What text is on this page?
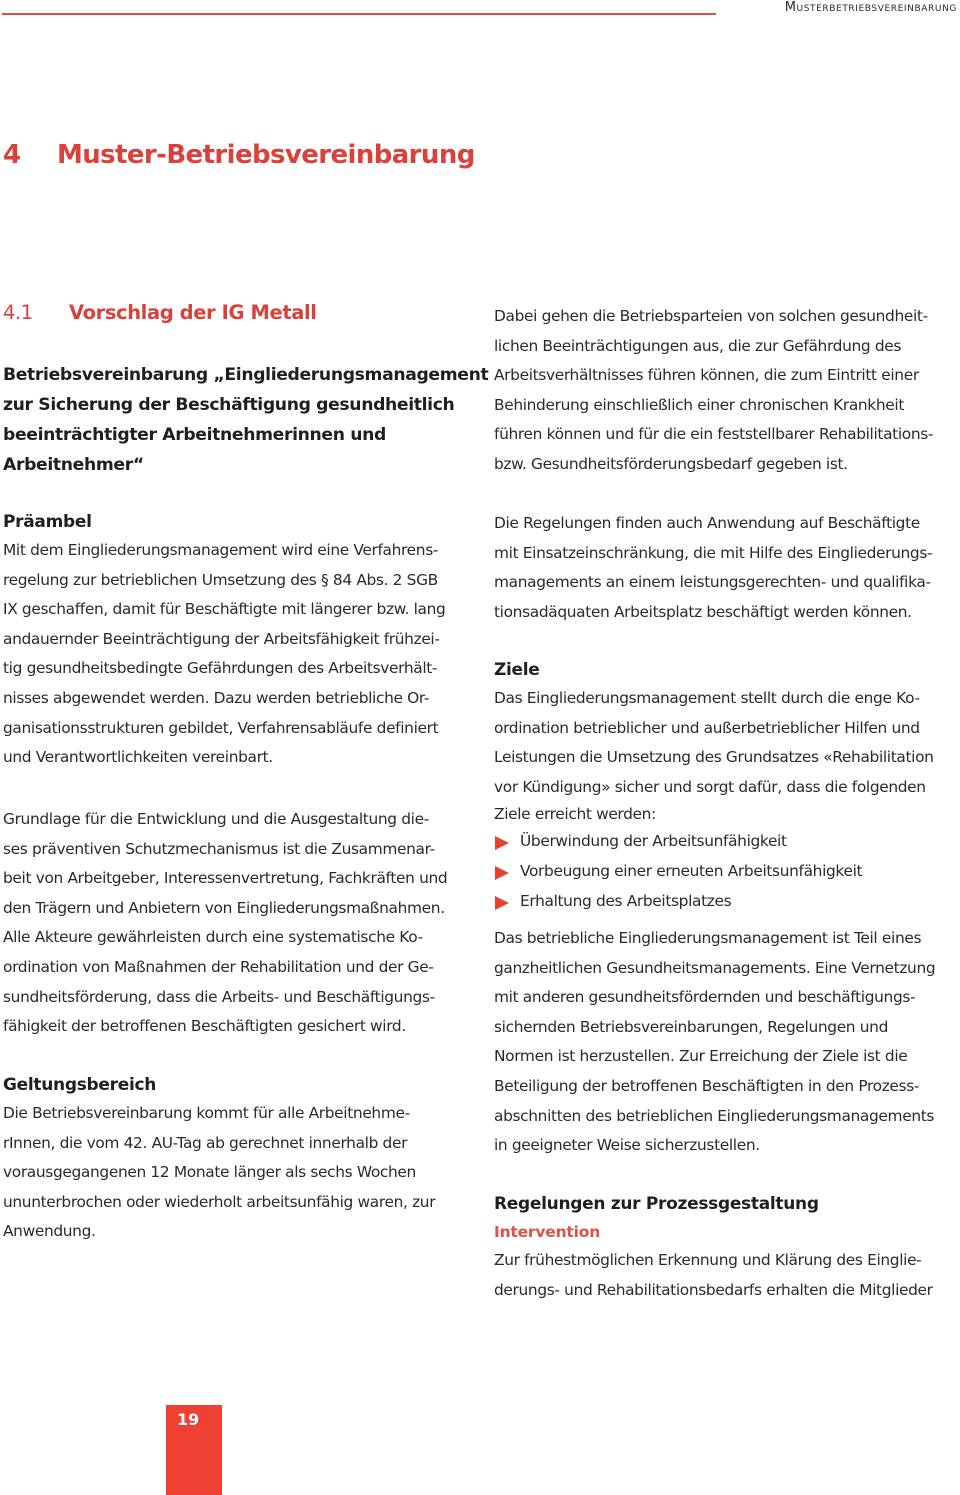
Musterbetriebsvereinbarung
4 Muster-Betriebsvereinbarung
4.1 Vorschlag der IG Metall
Betriebsvereinbarung „Eingliederungsmanagement
zur Sicherung der Beschäftigung gesundheitlich
beeinträchtigter Arbeitnehmerinnen und
Arbeitnehmer“
Präambel

Mit dem Eingliederungsmanagement wird eine Verfahrens-
regelung zur betrieblichen Umsetzung des § 84 Abs. 2 SGB
IX geschaffen, damit für Beschäftigte mit längerer bzw. lang
andauernder Beeinträchtigung der Arbeitsfähigkeit frühzei-
tig gesundheitsbedingte Gefährdungen des Arbeitsverhält-
nisses abgewendet werden. Dazu werden betriebliche Or-
ganisationsstrukturen gebildet, Verfahrensabläufe definiert
und Verantwortlichkeiten vereinbart.

Grundlage für die Entwicklung und die Ausgestaltung die-
ses präventiven Schutzmechanismus ist die Zusammenar-
beit von Arbeitgeber, Interessenvertretung, Fachkräften und
den Trägern und Anbietern von Eingliederungsmaßnahmen.
Alle Akteure gewährleisten durch eine systematische Ko-
ordination von Maßnahmen der Rehabilitation und der Ge-
sundheitsförderung, dass die Arbeits- und Beschäftigungs-
fähigkeit der betroffenen Beschäftigten gesichert wird.

Geltungsbereich

Die Betriebsvereinbarung kommt für alle Arbeitnehme-
rInnen, die vom 42. AU-Tag ab gerechnet innerhalb der
vorausgegangenen 12 Monate länger als sechs Wochen
ununterbrochen oder wiederholt arbeitsunfähig waren, zur
Anwendung.

Dabei gehen die Betriebsparteien von solchen gesundheit-
lichen Beeinträchtigungen aus, die zur Gefährdung des
Arbeitsverhältnisses führen können, die zum Eintritt einer
Behinderung einschließlich einer chronischen Krankheit
führen können und für die ein feststellbarer Rehabilitations-
bzw. Gesundheitsförderungsbedarf gegeben ist.

Die Regelungen finden auch Anwendung auf Beschäftigte
mit Einsatzeinschränkung, die mit Hilfe des Eingliederungs-
managements an einem leistungsgerechten- und qualifika-
tionsadäquaten Arbeitsplatz beschäftigt werden können.

Ziele

Das Eingliederungsmanagement stellt durch die enge Ko-
ordination betrieblicher und außerbetrieblicher Hilfen und
Leistungen die Umsetzung des Grundsatzes «Rehabilitation
vor Kündigung» sicher und sorgt dafür, dass die folgenden
Ziele erreicht werden:

Überwindung der Arbeitsunfähigkeit
Vorbeugung einer erneuten Arbeitsunfähigkeit
Erhaltung des Arbeitsplatzes

Das betriebliche Eingliederungsmanagement ist Teil eines
ganzheitlichen Gesundheitsmanagements. Eine Vernetzung
mit anderen gesundheitsfördernden und beschäftigungs-
sichernden Betriebsvereinbarungen, Regelungen und
Normen ist herzustellen. Zur Erreichung der Ziele ist die
Beteiligung der betroffenen Beschäftigten in den Prozess-
abschnitten des betrieblichen Eingliederungsmanagements
in geeigneter Weise sicherzustellen.

Regelungen zur Prozessgestaltung
Intervention

Zur frühestmöglichen Erkennung und Klärung des Einglie-
derungs- und Rehabilitationsbedarfs erhalten die Mitglieder

19
